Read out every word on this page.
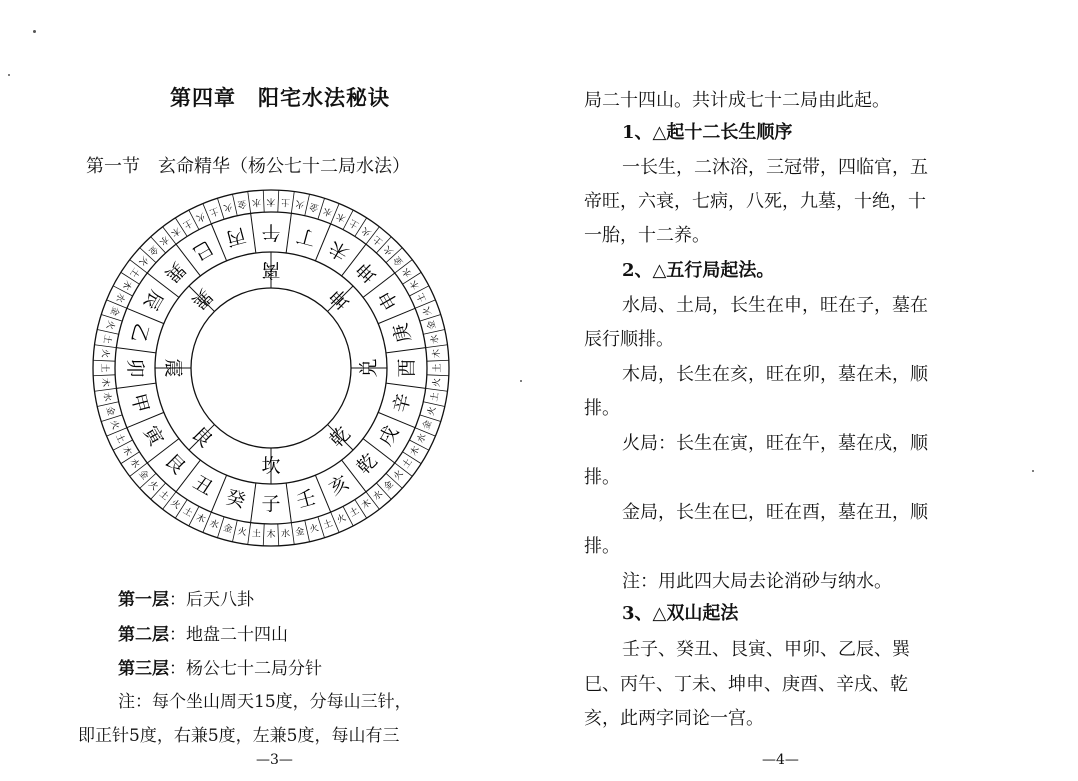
第四章　阳宅水法秘诀
第一节　玄命精华（杨公七十二局水法）
丙 午 丁 未
坤
申
庚
酉
辛
戌
乾
亥
壬
子
癸
丑
艮
寅
甲
卯
乙
辰
巽
巳
离
坤
兑
乾
坎
艮
震
巽
土 火 金 水 木 土 火 金 水 木
土
火
土
火
金
水
木
土
火
金
水
木
土
火
土
火
金
水
木
土
火
金
水
木
土
火
土
火
金
水
木
土
火
金
水
木
土
火
土
火
金
水
木
土
火
金
水
木
土
火
土
火
金
水
木
土
火
金
水
木
土
火
第一层：后天八卦
第二层：地盘二十四山
第三层：杨公七十二局分针
注：每个坐山周天15度，分每山三针，
即正针5度，右兼5度，左兼5度，每山有三
—3—
局二十四山。共计成七十二局由此起。
1、△起十二长生顺序
一长生，二沐浴，三冠带，四临官，五
帝旺，六衰，七病，八死，九墓，十绝，十
一胎，十二养。
2、△五行局起法。
水局、土局，长生在申，旺在子，墓在
辰行顺排。
木局，长生在亥，旺在卯，墓在未，顺
排。
火局：长生在寅，旺在午，墓在戌，顺
排。
金局，长生在巳，旺在酉，墓在丑，顺
排。
注：用此四大局去论消砂与纳水。
3、△双山起法
壬子、癸丑、艮寅、甲卯、乙辰、巽
巳、丙午、丁未、坤申、庚酉、辛戌、乾
亥，此两字同论一宫。
—4—
